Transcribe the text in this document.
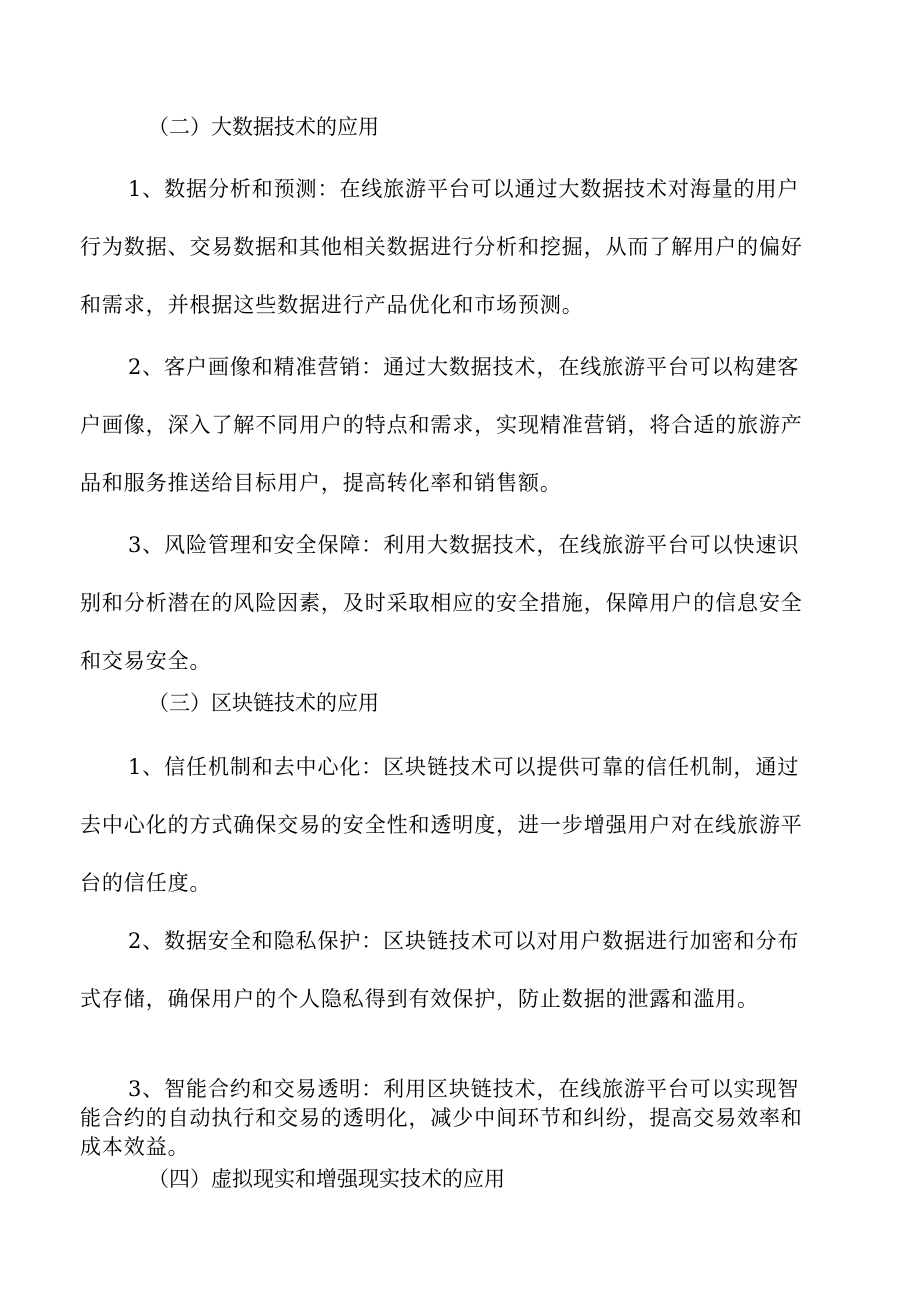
（二）大数据技术的应用
1、数据分析和预测：在线旅游平台可以通过大数据技术对海量的用户
行为数据、交易数据和其他相关数据进行分析和挖掘，从而了解用户的偏好
和需求，并根据这些数据进行产品优化和市场预测。
2、客户画像和精准营销：通过大数据技术，在线旅游平台可以构建客
户画像，深入了解不同用户的特点和需求，实现精准营销，将合适的旅游产
品和服务推送给目标用户，提高转化率和销售额。
3、风险管理和安全保障：利用大数据技术，在线旅游平台可以快速识
别和分析潜在的风险因素，及时采取相应的安全措施，保障用户的信息安全
和交易安全。
（三）区块链技术的应用
1、信任机制和去中心化：区块链技术可以提供可靠的信任机制，通过
去中心化的方式确保交易的安全性和透明度，进一步增强用户对在线旅游平
台的信任度。
2、数据安全和隐私保护：区块链技术可以对用户数据进行加密和分布
式存储，确保用户的个人隐私得到有效保护，防止数据的泄露和滥用。
3、智能合约和交易透明：利用区块链技术，在线旅游平台可以实现智
能合约的自动执行和交易的透明化，减少中间环节和纠纷，提高交易效率和
成本效益。
（四）虚拟现实和增强现实技术的应用
